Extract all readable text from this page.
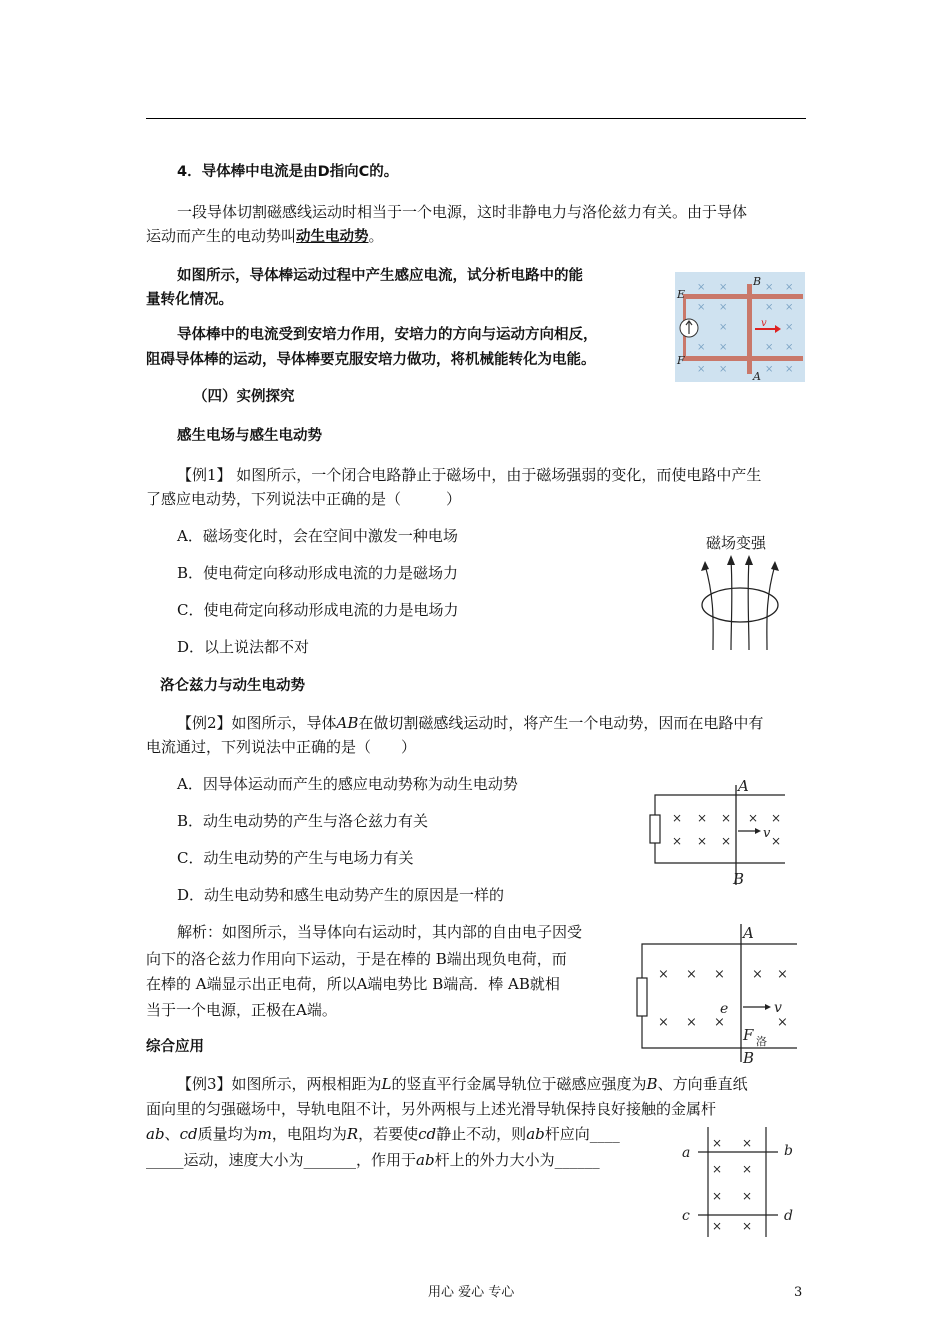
4．导体棒中电流是由D指向C的。
一段导体切割磁感线运动时相当于一个电源，这时非静电力与洛伦兹力有关。由于导体
运动而产生的电动势叫动生电动势。
如图所示，导体棒运动过程中产生感应电流，试分析电路中的能
量转化情况。
导体棒中的电流受到安培力作用，安培力的方向与运动方向相反，
阻碍导体棒的运动，导体棒要克服安培力做功，将机械能转化为电能。
× ×	× ×
× ×	× ×
×	×
× ×	× ×
× ×	× ×
E
F
B
A
v
（四）实例探究
感生电场与感生电动势
【例1】 如图所示，一个闭合电路静止于磁场中，由于磁场强弱的变化，而使电路中产生
了感应电动势，下列说法中正确的是（　　　）
A．磁场变化时，会在空间中激发一种电场
B．使电荷定向移动形成电流的力是磁场力
C．使电荷定向移动形成电流的力是电场力
D．以上说法都不对
磁场变强
洛仑兹力与动生电动势
【例2】如图所示，导体AB在做切割磁感线运动时，将产生一个电动势，因而在电路中有
电流通过，下列说法中正确的是（　　）
A．因导体运动而产生的感应电动势称为动生电动势
B．动生电动势的产生与洛仑兹力有关
C．动生电动势的产生与电场力有关
D．动生电动势和感生电动势产生的原因是一样的
× × × × ×
× × ×	×
A
B
v
解析：如图所示，当导体向右运动时，其内部的自由电子因受
向下的洛仑兹力作用向下运动，于是在棒的 B端出现负电荷，而
在棒的 A端显示出正电荷，所以A端电势比 B端高．棒 AB就相
当于一个电源，正极在A端。
× × × × ×
× × ×	×
A
B
v
e
F 洛
综合应用
【例3】如图所示，两根相距为L的竖直平行金属导轨位于磁感应强度为B、方向垂直纸
面向里的匀强磁场中，导轨电阻不计，另外两根与上述光滑导轨保持良好接触的金属杆
ab、cd质量均为m，电阻均为R，若要使cd静止不动，则ab杆应向____
_____运动，速度大小为_______，作用于ab杆上的外力大小为______
× ×
× ×
× ×
× ×
a	b
c	d
用心 爱心 专心	3
